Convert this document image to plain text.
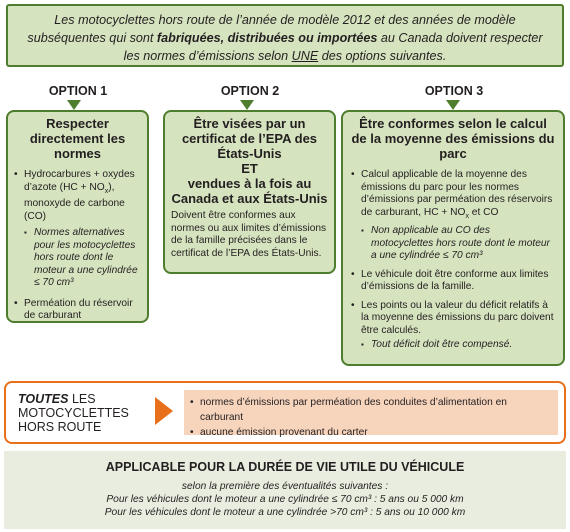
Les motocyclettes hors route de l’année de modèle 2012 et des années de modèle subséquentes qui sont fabriquées, distribuées ou importées au Canada doivent respecter les normes d’émissions selon UNE des options suivantes.
OPTION 1	OPTION 2	OPTION 3

Respecter directement les normes

• Hydrocarbures + oxydes d’azote $(HC + NO_x)$, monoxyde de carbone (CO)
▪ Normes alternatives pour les motocyclettes hors route dont le moteur a une cylindrée ≤ 70 cm³
• Perméation du réservoir de carburant

Être visées par un certificat de l’EPA des États-Unis

ET

vendues à la fois au Canada et aux États-Unis

Doivent être conformes aux normes ou aux limites d’émissions de la famille précisées dans le certificat de l’EPA des États-Unis.

Être conformes selon le calcul de la moyenne des émissions du parc

• Calcul applicable de la moyenne des émissions du parc pour les normes d’émissions par perméation des réservoirs de carburant, HC + $NO_x$ et CO
▪ Non applicable au CO des motocyclettes hors route dont le moteur a une cylindrée ≤ 70 cm³
• Le véhicule doit être conforme aux limites d’émissions de la famille.
• Les points ou la valeur du déficit relatifs à la moyenne des émissions du parc doivent être calculés.
▪ Tout déficit doit être compensé.
TOUTES LES MOTOCYCLETTES HORS ROUTE
• normes d’émissions par perméation des conduites d’alimentation en carburant
• aucune émission provenant du carter
APPLICABLE POUR LA DURÉE DE VIE UTILE DU VÉHICULE
selon la première des éventualités suivantes :
Pour les véhicules dont le moteur a une cylindrée ≤ 70 cm³ : 5 ans ou 5 000 km
Pour les véhicules dont le moteur a une cylindrée >70 cm³ : 5 ans ou 10 000 km
